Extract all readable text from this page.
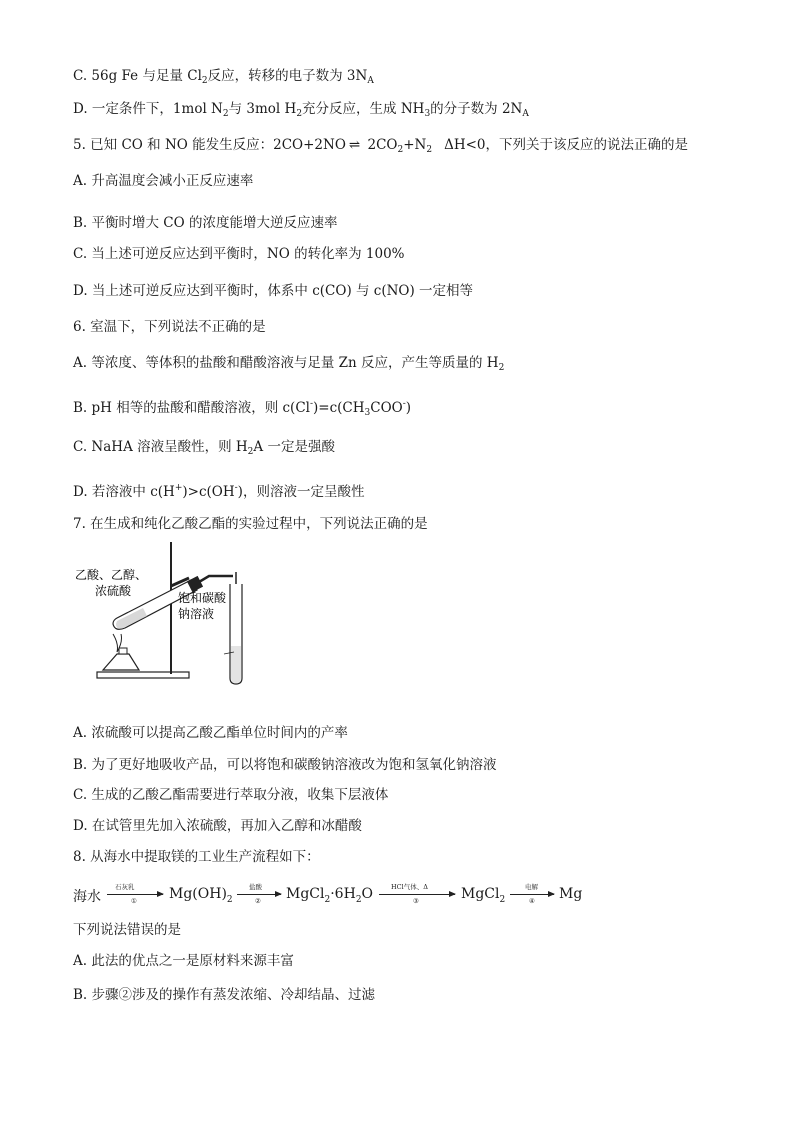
C. 56g Fe 与足量 $Cl_2$反应，转移的电子数为 $3N_A$
D. 一定条件下，1mol $N_2$与 3mol $H_2$充分反应，生成 $NH_3$的分子数为 $2N_A$
5. 已知 CO 和 NO 能发生反应：2CO+2NO ⇌ $2CO_2+N_2$ ΔH<0，下列关于该反应的说法正确的是
A. 升高温度会减小正反应速率
B. 平衡时增大 CO 的浓度能增大逆反应速率
C. 当上述可逆反应达到平衡时，NO 的转化率为 100%
D. 当上述可逆反应达到平衡时，体系中 c(CO) 与 c(NO) 一定相等
6. 室温下，下列说法不正确的是
A. 等浓度、等体积的盐酸和醋酸溶液与足量 Zn 反应，产生等质量的 $H_2$
B. pH 相等的盐酸和醋酸溶液，则 $c(Cl^-)=c(CH_3COO^-)$
C. NaHA 溶液呈酸性，则 $H_2A$ 一定是强酸
D. 若溶液中 c(H+)>c(OH-)，则溶液一定呈酸性
7. 在生成和纯化乙酸乙酯的实验过程中，下列说法正确的是
乙酸、乙醇、
浓硫酸	饱和碳酸
钠溶液
A. 浓硫酸可以提高乙酸乙酯单位时间内的产率
B. 为了更好地吸收产品，可以将饱和碳酸钠溶液改为饱和氢氧化钠溶液
C. 生成的乙酸乙酯需要进行萃取分液，收集下层液体
D. 在试管里先加入浓硫酸，再加入乙醇和冰醋酸
8. 从海水中提取镁的工业生产流程如下：
海水
石灰乳
① $Mg(OH)_2$
盐酸
② $MgCl_2\cdot 6H_2O$	HCl气体、Δ
③	MgCl$_2$
电解
④ Mg
下列说法错误的是
A. 此法的优点之一是原材料来源丰富
B. 步骤②涉及的操作有蒸发浓缩、冷却结晶、过滤
